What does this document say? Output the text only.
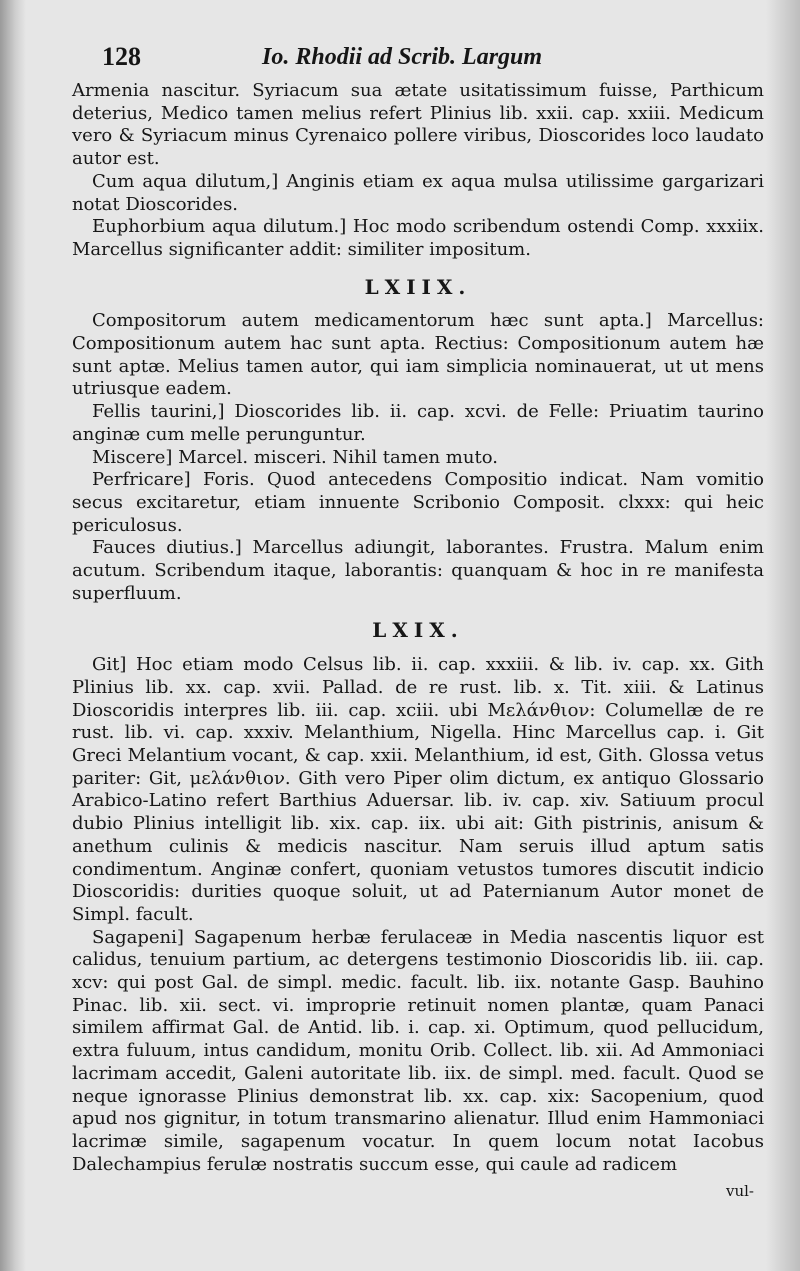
128	Io. Rhodii ad Scrib. Largum

Armenia nascitur. Syriacum sua ætate usitatissimum fuisse, Parthicum deterius, Medico tamen melius refert Plinius lib. xxii. cap. xxiii. Medicum vero & Syriacum minus Cyrenaico pollere viribus, Dioscorides loco laudato autor est.

Cum aqua dilutum,] Anginis etiam ex aqua mulsa utilissime gargarizari notat Dioscorides.

Euphorbium aqua dilutum.] Hoc modo scribendum ostendi Comp. xxxiix. Marcellus significanter addit: similiter impositum.

LXIIX.

Compositorum autem medicamentorum hæc sunt apta.] Marcellus: Compositionum autem hac sunt apta. Rectius: Compositionum autem hæ sunt aptæ. Melius tamen autor, qui iam simplicia nominauerat, ut ut mens utriusque eadem.

Fellis taurini,] Dioscorides lib. ii. cap. xcvi. de Felle: Priuatim taurino anginæ cum melle perunguntur.

Miscere] Marcel. misceri. Nihil tamen muto.

Perfricare] Foris. Quod antecedens Compositio indicat. Nam vomitio secus excitaretur, etiam innuente Scribonio Composit. clxxx: qui heic periculosus.

Fauces diutius.] Marcellus adiungit, laborantes. Frustra. Malum enim acutum. Scribendum itaque, laborantis: quanquam & hoc in re manifesta superfluum.

LXIX.

Git] Hoc etiam modo Celsus lib. ii. cap. xxxiii. & lib. iv. cap. xx. Gith Plinius lib. xx. cap. xvii. Pallad. de re rust. lib. x. Tit. xiii. & Latinus Dioscoridis interpres lib. iii. cap. xciii. ubi Μελάνθιον: Columellæ de re rust. lib. vi. cap. xxxiv. Melanthium, Nigella. Hinc Marcellus cap. i. Git Greci Melantium vocant, & cap. xxii. Melanthium, id est, Gith. Glossa vetus pariter: Git, μελάνθιον. Gith vero Piper olim dictum, ex antiquo Glossario Arabico-Latino refert Barthius Aduersar. lib. iv. cap. xiv. Satiuum procul dubio Plinius intelligit lib. xix. cap. iix. ubi ait: Gith pistrinis, anisum & anethum culinis & medicis nascitur. Nam seruis illud aptum satis condimentum. Anginæ confert, quoniam vetustos tumores discutit indicio Dioscoridis: durities quoque soluit, ut ad Paternianum Autor monet de Simpl. facult.

Sagapeni] Sagapenum herbæ ferulaceæ in Media nascentis liquor est calidus, tenuium partium, ac detergens testimonio Dioscoridis lib. iii. cap. xcv: qui post Gal. de simpl. medic. facult. lib. iix. notante Gasp. Bauhino Pinac. lib. xii. sect. vi. improprie retinuit nomen plantæ, quam Panaci similem affirmat Gal. de Antid. lib. i. cap. xi. Optimum, quod pellucidum, extra fuluum, intus candidum, monitu Orib. Collect. lib. xii. Ad Ammoniaci lacrimam accedit, Galeni autoritate lib. iix. de simpl. med. facult. Quod se neque ignorasse Plinius demonstrat lib. xx. cap. xix: Sacopenium, quod apud nos gignitur, in totum transmarino alienatur. Illud enim Hammoniaci lacrimæ simile, sagapenum vocatur. In quem locum notat Iacobus Dalechampius ferulæ nostratis succum esse, qui caule ad radicem

vul-
